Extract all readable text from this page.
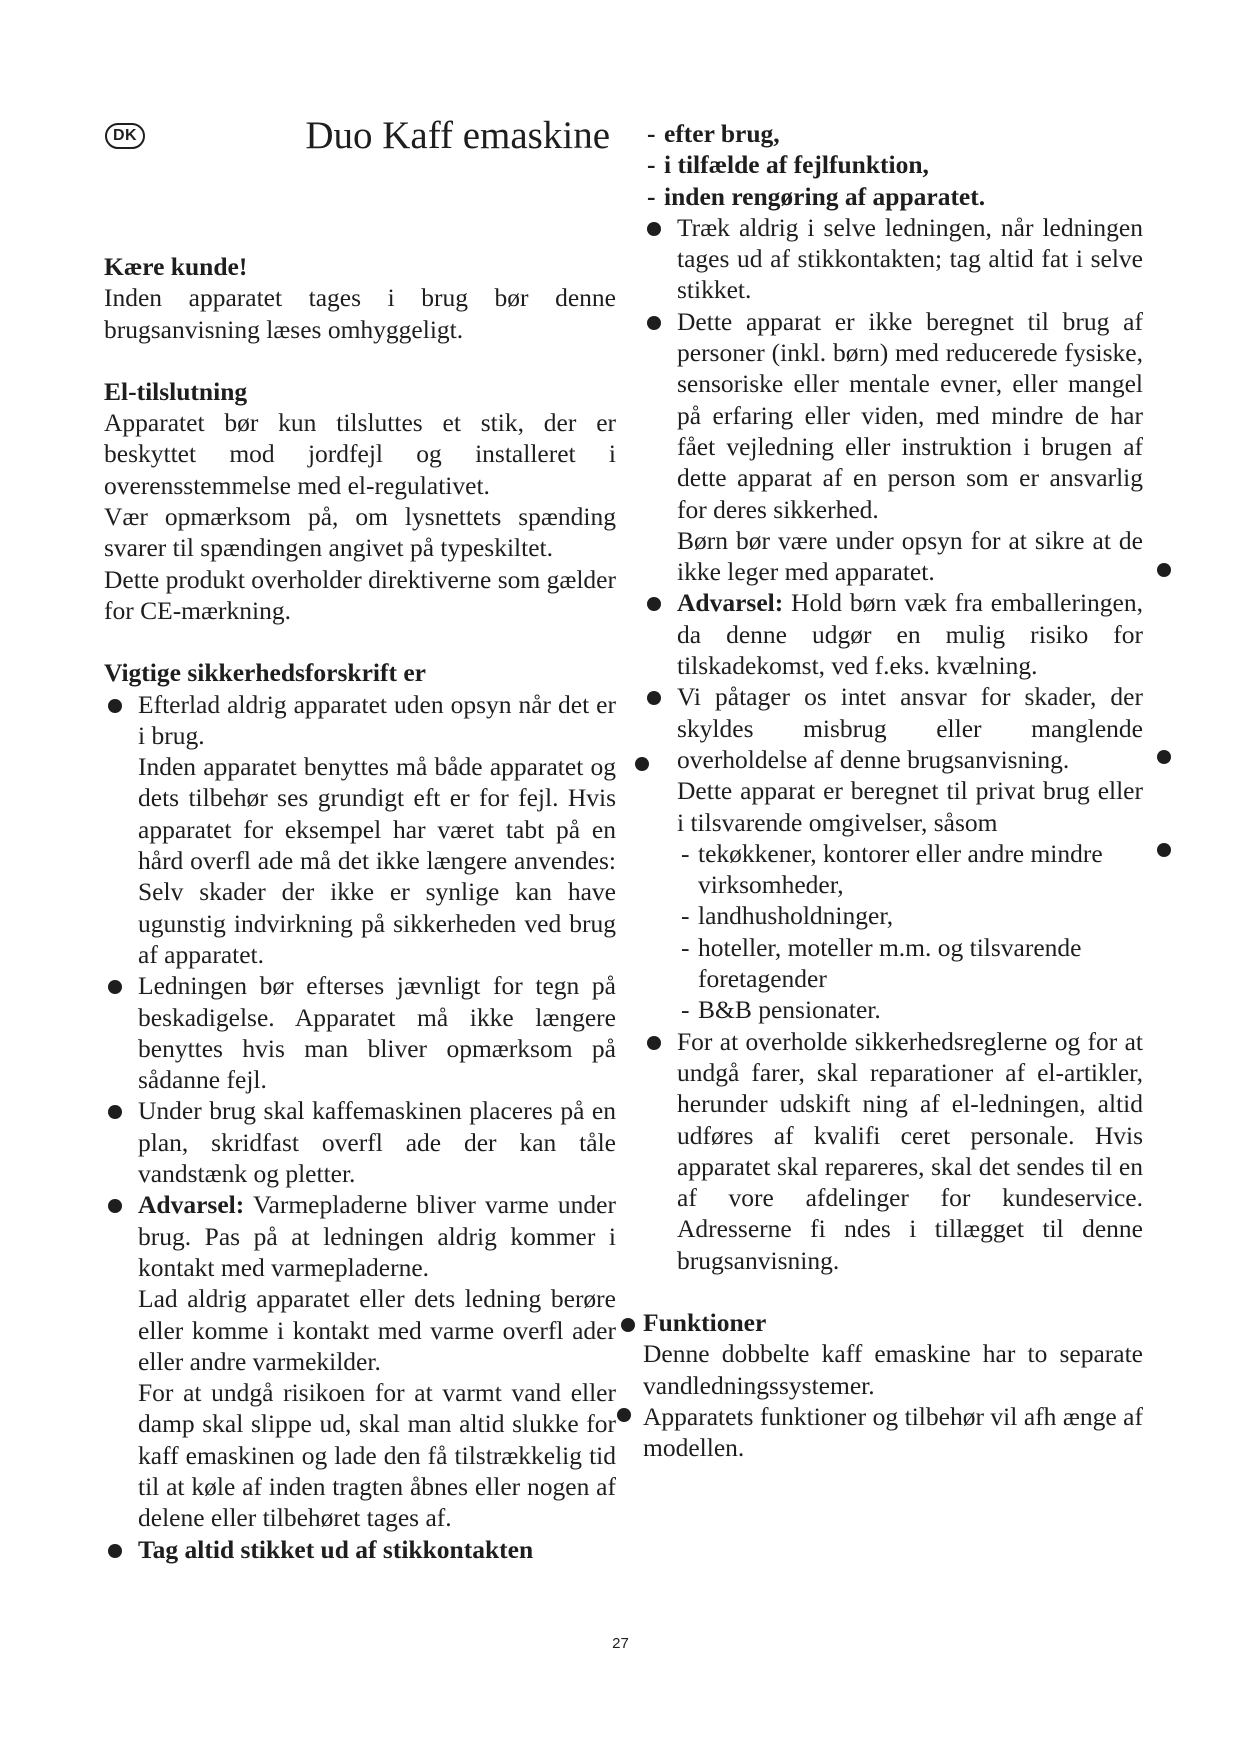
DK	Duo Kaff emaskine

Kære kunde!

Inden apparatet tages i brug bør denne brugsanvisning læses omhyggeligt.

El-tilslutning

Apparatet bør kun tilsluttes et stik, der er beskyttet mod jordfejl og installeret i overensstemmelse med el-regulativet.

Vær opmærksom på, om lysnettets spænding svarer til spændingen angivet på typeskiltet.

Dette produkt overholder direktiverne som gælder for CE-mærkning.

Vigtige sikkerhedsforskrift er

Efterlad aldrig apparatet uden opsyn når det er i brug.

Inden apparatet benyttes må både apparatet og dets tilbehør ses grundigt eft er for fejl. Hvis apparatet for eksempel har været tabt på en hård overfl ade må det ikke længere anvendes: Selv skader der ikke er synlige kan have ugunstig indvirkning på sikkerheden ved brug af apparatet.

Ledningen bør efterses jævnligt for tegn på beskadigelse. Apparatet må ikke længere benyttes hvis man bliver opmærksom på sådanne fejl.

Under brug skal kaffemaskinen placeres på en plan, skridfast overfl ade der kan tåle vandstænk og pletter.

Advarsel: Varmepladerne bliver varme under brug. Pas på at ledningen aldrig kommer i kontakt med varmepladerne.

Lad aldrig apparatet eller dets ledning berøre eller komme i kontakt med varme overfl ader eller andre varmekilder.

For at undgå risikoen for at varmt vand eller damp skal slippe ud, skal man altid slukke for kaff emaskinen og lade den få tilstrækkelig tid til at køle af inden tragten åbnes eller nogen af delene eller tilbehøret tages af.

Tag altid stikket ud af stikkontakten

- efter brug,

- i tilfælde af fejlfunktion,

- inden rengøring af apparatet.

Træk aldrig i selve ledningen, når ledningen tages ud af stikkontakten; tag altid fat i selve stikket.

Dette apparat er ikke beregnet til brug af personer (inkl. børn) med reducerede fysiske, sensoriske eller mentale evner, eller mangel på erfaring eller viden, med mindre de har fået vejledning eller instruktion i brugen af dette apparat af en person som er ansvarlig for deres sikkerhed.

Børn bør være under opsyn for at sikre at de ikke leger med apparatet.

Advarsel: Hold børn væk fra emballeringen, da denne udgør en mulig risiko for tilskadekomst, ved f.eks. kvælning.

Vi påtager os intet ansvar for skader, der skyldes misbrug eller manglende overholdelse af denne brugsanvisning.

Dette apparat er beregnet til privat brug eller i tilsvarende omgivelser, såsom

- tekøkkener, kontorer eller andre mindre

virksomheder,

- landhusholdninger,

- hoteller, moteller m.m. og tilsvarende

foretagender

- B&B pensionater.

For at overholde sikkerhedsreglerne og for at undgå farer, skal reparationer af el-artikler, herunder udskift ning af el-ledningen, altid udføres af kvalifi ceret personale. Hvis apparatet skal repareres, skal det sendes til en af vore afdelinger for kundeservice. Adresserne fi ndes i tillægget til denne brugsanvisning.

Funktioner

Denne dobbelte kaff emaskine har to separate vandledningssystemer.

Apparatets funktioner og tilbehør vil afh ænge af modellen.

27
